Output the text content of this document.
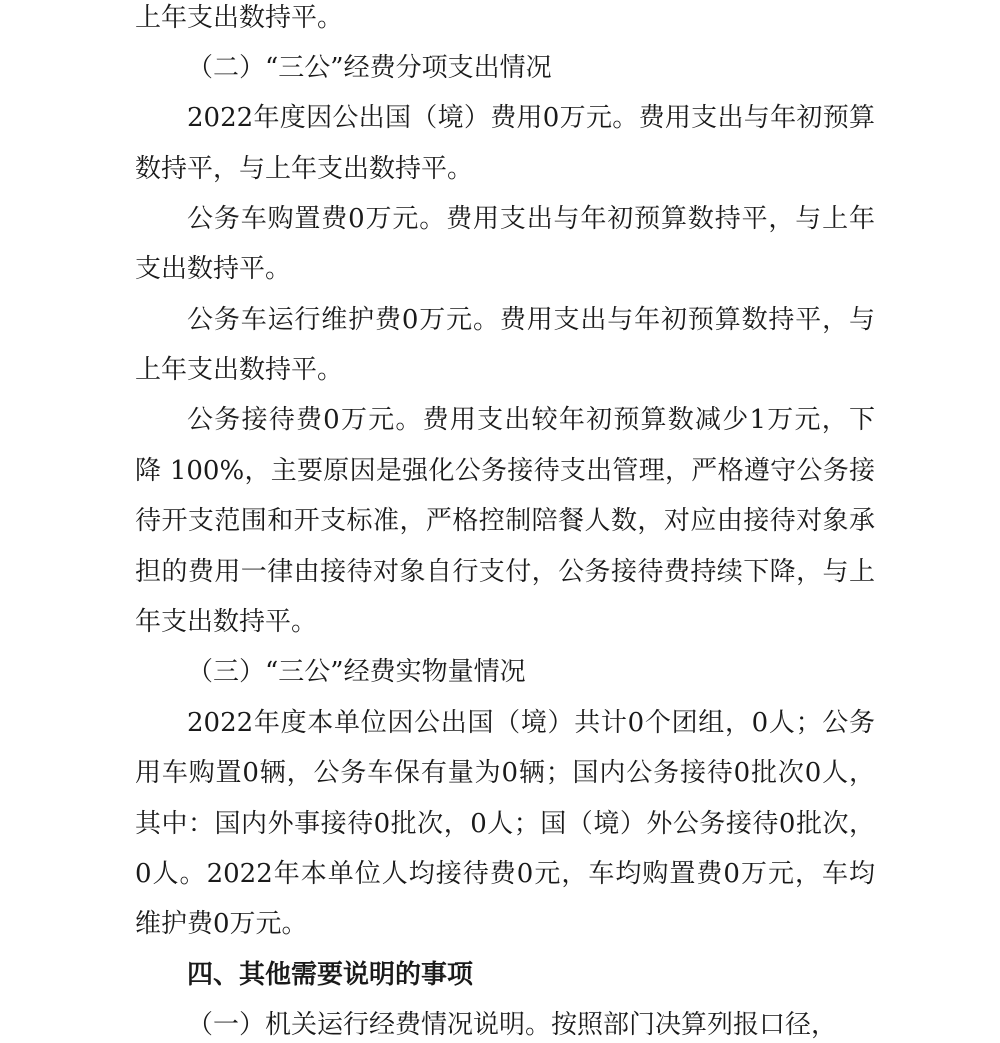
上年支出数持平。
（二）“三公”经费分项支出情况
2022年度因公出国（境）费用0万元。费用支出与年初预算
数持平，与上年支出数持平。
公务车购置费0万元。费用支出与年初预算数持平，与上年
支出数持平。
公务车运行维护费0万元。费用支出与年初预算数持平，与
上年支出数持平。
公务接待费0万元。费用支出较年初预算数减少1万元，下
降 100%，主要原因是强化公务接待支出管理，严格遵守公务接
待开支范围和开支标准，严格控制陪餐人数，对应由接待对象承
担的费用一律由接待对象自行支付，公务接待费持续下降，与上
年支出数持平。
（三）“三公”经费实物量情况
2022年度本单位因公出国（境）共计0个团组，0人；公务
用车购置0辆，公务车保有量为0辆；国内公务接待0批次0人，
其中：国内外事接待0批次，0人；国（境）外公务接待0批次，
0人。2022年本单位人均接待费0元，车均购置费0万元，车均
维护费0万元。
四、其他需要说明的事项
（一）机关运行经费情况说明。按照部门决算列报口径，
